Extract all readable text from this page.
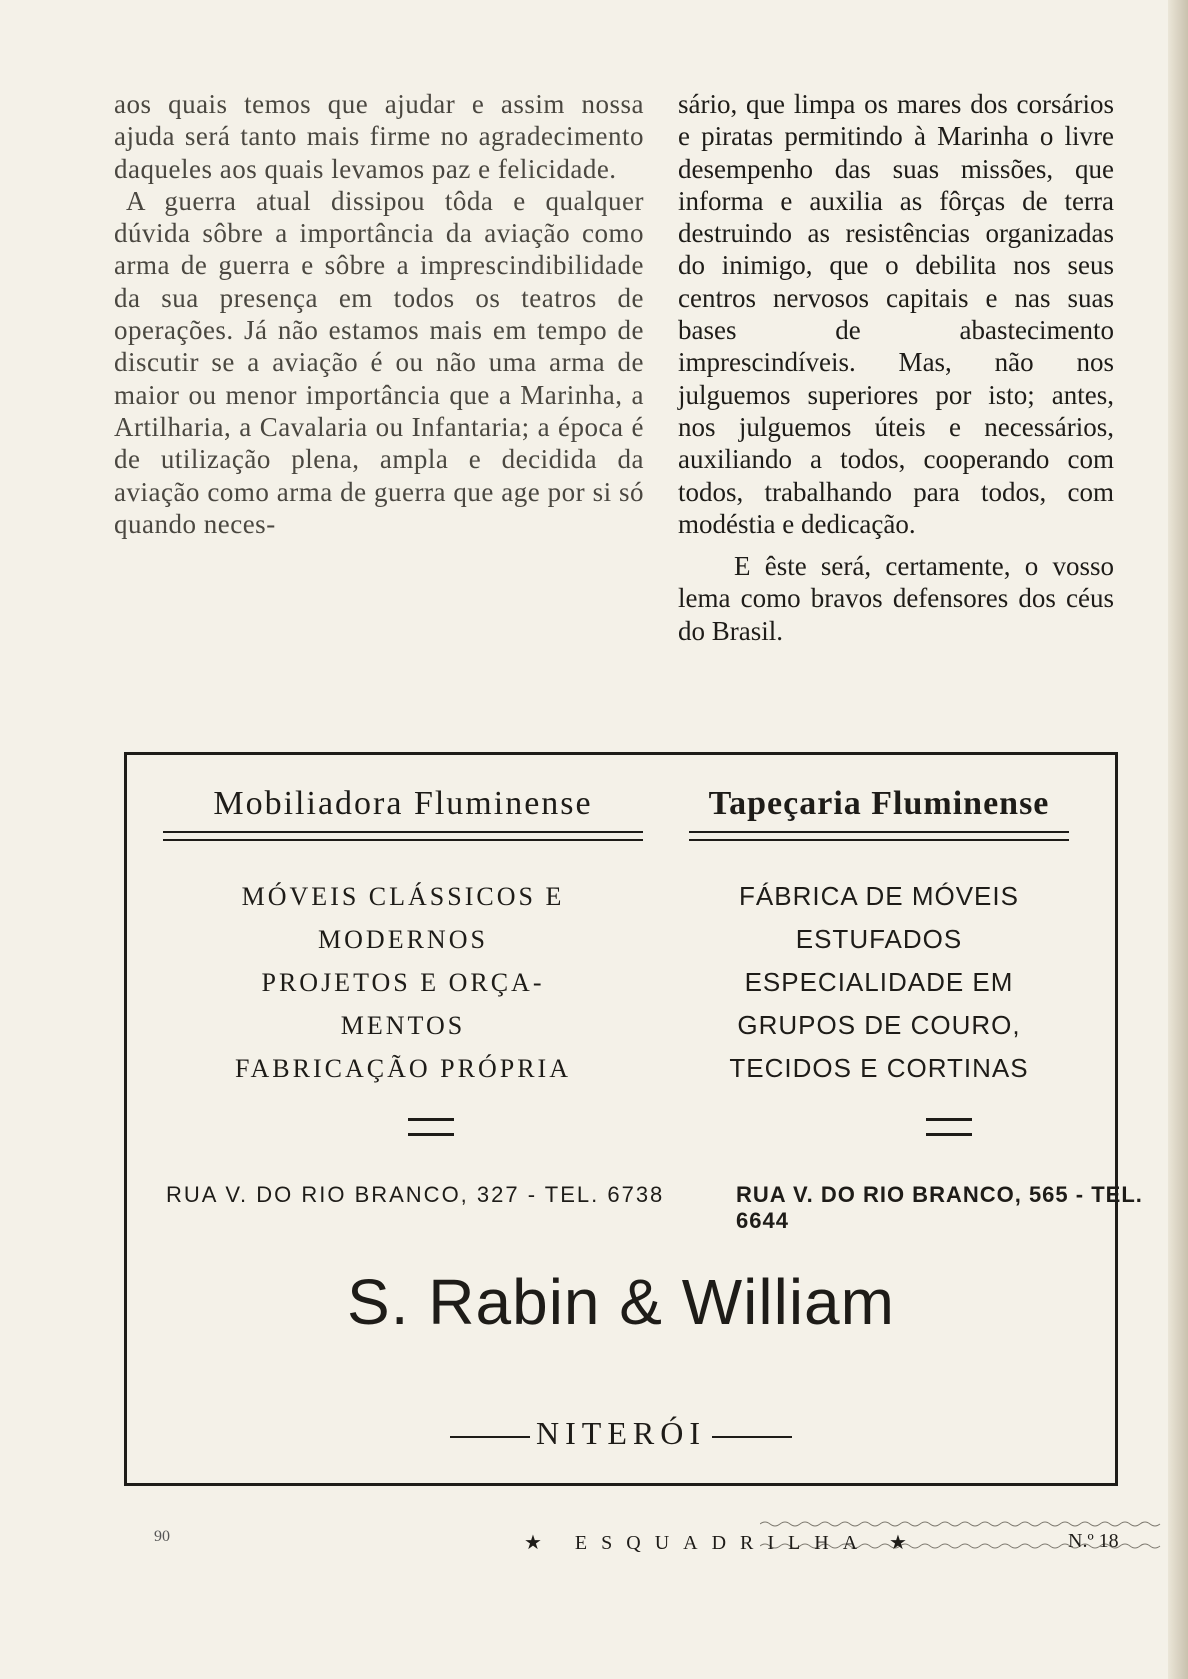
aos quais temos que ajudar e assim nossa ajuda será tanto mais firme no agradecimento daqueles aos quais levamos paz e felicidade.

A guerra atual dissipou tôda e qualquer dúvida sôbre a importância da aviação como arma de guerra e sôbre a imprescindibilidade da sua presença em todos os teatros de operações. Já não estamos mais em tempo de discutir se a aviação é ou não uma arma de maior ou menor importância que a Marinha, a Artilharia, a Cavalaria ou Infantaria; a época é de utilização plena, ampla e decidida da aviação como arma de guerra que age por si só quando neces-

sário, que limpa os mares dos corsários e piratas permitindo à Marinha o livre desempenho das suas missões, que informa e auxilia as fôrças de terra destruindo as resistências organizadas do inimigo, que o debilita nos seus centros nervosos capitais e nas suas bases de abastecimento imprescindíveis. Mas, não nos julguemos superiores por isto; antes, nos julguemos úteis e necessários, auxiliando a todos, cooperando com todos, trabalhando para todos, com modéstia e dedicação.

E êste será, certamente, o vosso lema como bravos defensores dos céus do Brasil.

Mobiliadora Fluminense
MÓVEIS CLÁSSICOS E
MODERNOS
PROJETOS E ORÇA-
MENTOS
FABRICAÇÃO PRÓPRIA
Tapeçaria Fluminense
FÁBRICA DE MÓVEIS
ESTUFADOS
ESPECIALIDADE EM
GRUPOS DE COURO,
TECIDOS E CORTINAS
RUA V. DO RIO BRANCO, 327 - TEL. 6738	RUA V. DO RIO BRANCO, 565 - TEL. 6644
S. Rabin & William
NITERÓI
90	★ ESQUADRILHA ★	N.º 18
